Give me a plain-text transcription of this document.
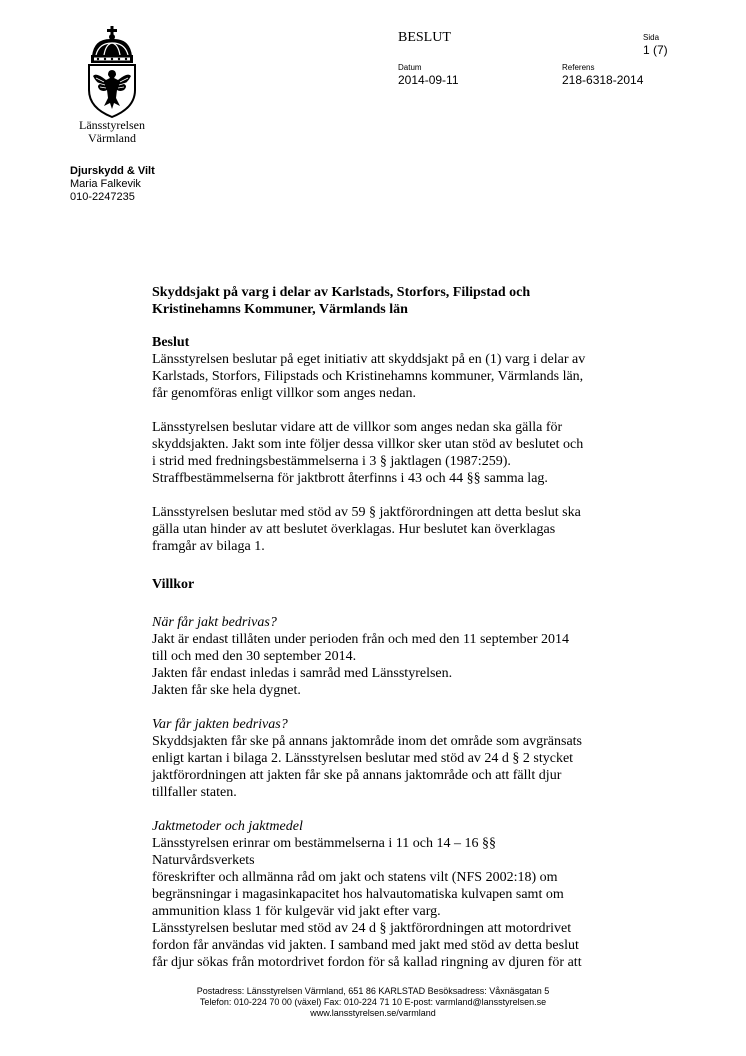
Länsstyrelsen
Värmland
Djurskydd & Vilt
Maria Falkevik
010-2247235
BESLUT	Sida
1 (7)
Datum
2014-09-11
Referens
218-6318-2014

Skyddsjakt på varg i delar av Karlstads, Storfors, Filipstad och
Kristinehamns Kommuner, Värmlands län

Beslut

Länsstyrelsen beslutar på eget initiativ att skyddsjakt på en (1) varg i delar av
Karlstads, Storfors, Filipstads och Kristinehamns kommuner, Värmlands län,
får genomföras enligt villkor som anges nedan.

Länsstyrelsen beslutar vidare att de villkor som anges nedan ska gälla för
skyddsjakten. Jakt som inte följer dessa villkor sker utan stöd av beslutet och
i strid med fredningsbestämmelserna i 3 § jaktlagen (1987:259).
Straffbestämmelserna för jaktbrott återfinns i 43 och 44 §§ samma lag.

Länsstyrelsen beslutar med stöd av 59 § jaktförordningen att detta beslut ska
gälla utan hinder av att beslutet överklagas. Hur beslutet kan överklagas
framgår av bilaga 1.

Villkor

När får jakt bedrivas?

Jakt är endast tillåten under perioden från och med den 11 september 2014
till och med den 30 september 2014.
Jakten får endast inledas i samråd med Länsstyrelsen.
Jakten får ske hela dygnet.

Var får jakten bedrivas?

Skyddsjakten får ske på annans jaktområde inom det område som avgränsats
enligt kartan i bilaga 2. Länsstyrelsen beslutar med stöd av 24 d § 2 stycket
jaktförordningen att jakten får ske på annans jaktområde och att fällt djur
tillfaller staten.

Jaktmetoder och jaktmedel

Länsstyrelsen erinrar om bestämmelserna i 11 och 14 – 16 §§
Naturvårdsverkets
föreskrifter och allmänna råd om jakt och statens vilt (NFS 2002:18) om
begränsningar i magasinkapacitet hos halvautomatiska kulvapen samt om
ammunition klass 1 för kulgevär vid jakt efter varg.
Länsstyrelsen beslutar med stöd av 24 d § jaktförordningen att motordrivet
fordon får användas vid jakten. I samband med jakt med stöd av detta beslut
får djur sökas från motordrivet fordon för så kallad ringning av djuren för att

Postadress: Länsstyrelsen Värmland, 651 86 KARLSTAD Besöksadress: Våxnäsgatan 5
Telefon: 010-224 70 00 (växel) Fax: 010-224 71 10 E-post: varmland@lansstyrelsen.se
www.lansstyrelsen.se/varmland
